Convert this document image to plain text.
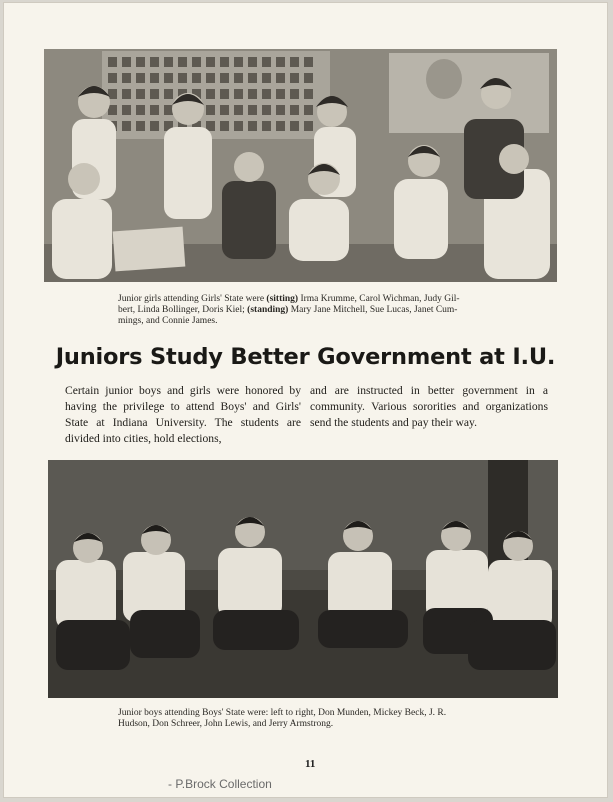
Junior girls attending Girls' State were (sitting) Irma Krumme, Carol Wichman, Judy Gil-
bert, Linda Bollinger, Doris Kiel; (standing) Mary Jane Mitchell, Sue Lucas, Janet Cum-
mings, and Connie James.
Juniors Study Better Government at I.U.
Certain junior boys and girls were honored by having the privilege to attend Boys' and Girls' State at Indiana University. The students are divided into cities, hold elections,
and are instructed in better government in a community. Various sororities and organizations send the students and pay their way.
Junior boys attending Boys' State were: left to right, Don Munden, Mickey Beck, J. R.
Hudson, Don Schreer, John Lewis, and Jerry Armstrong.
11
- P.Brock Collection
